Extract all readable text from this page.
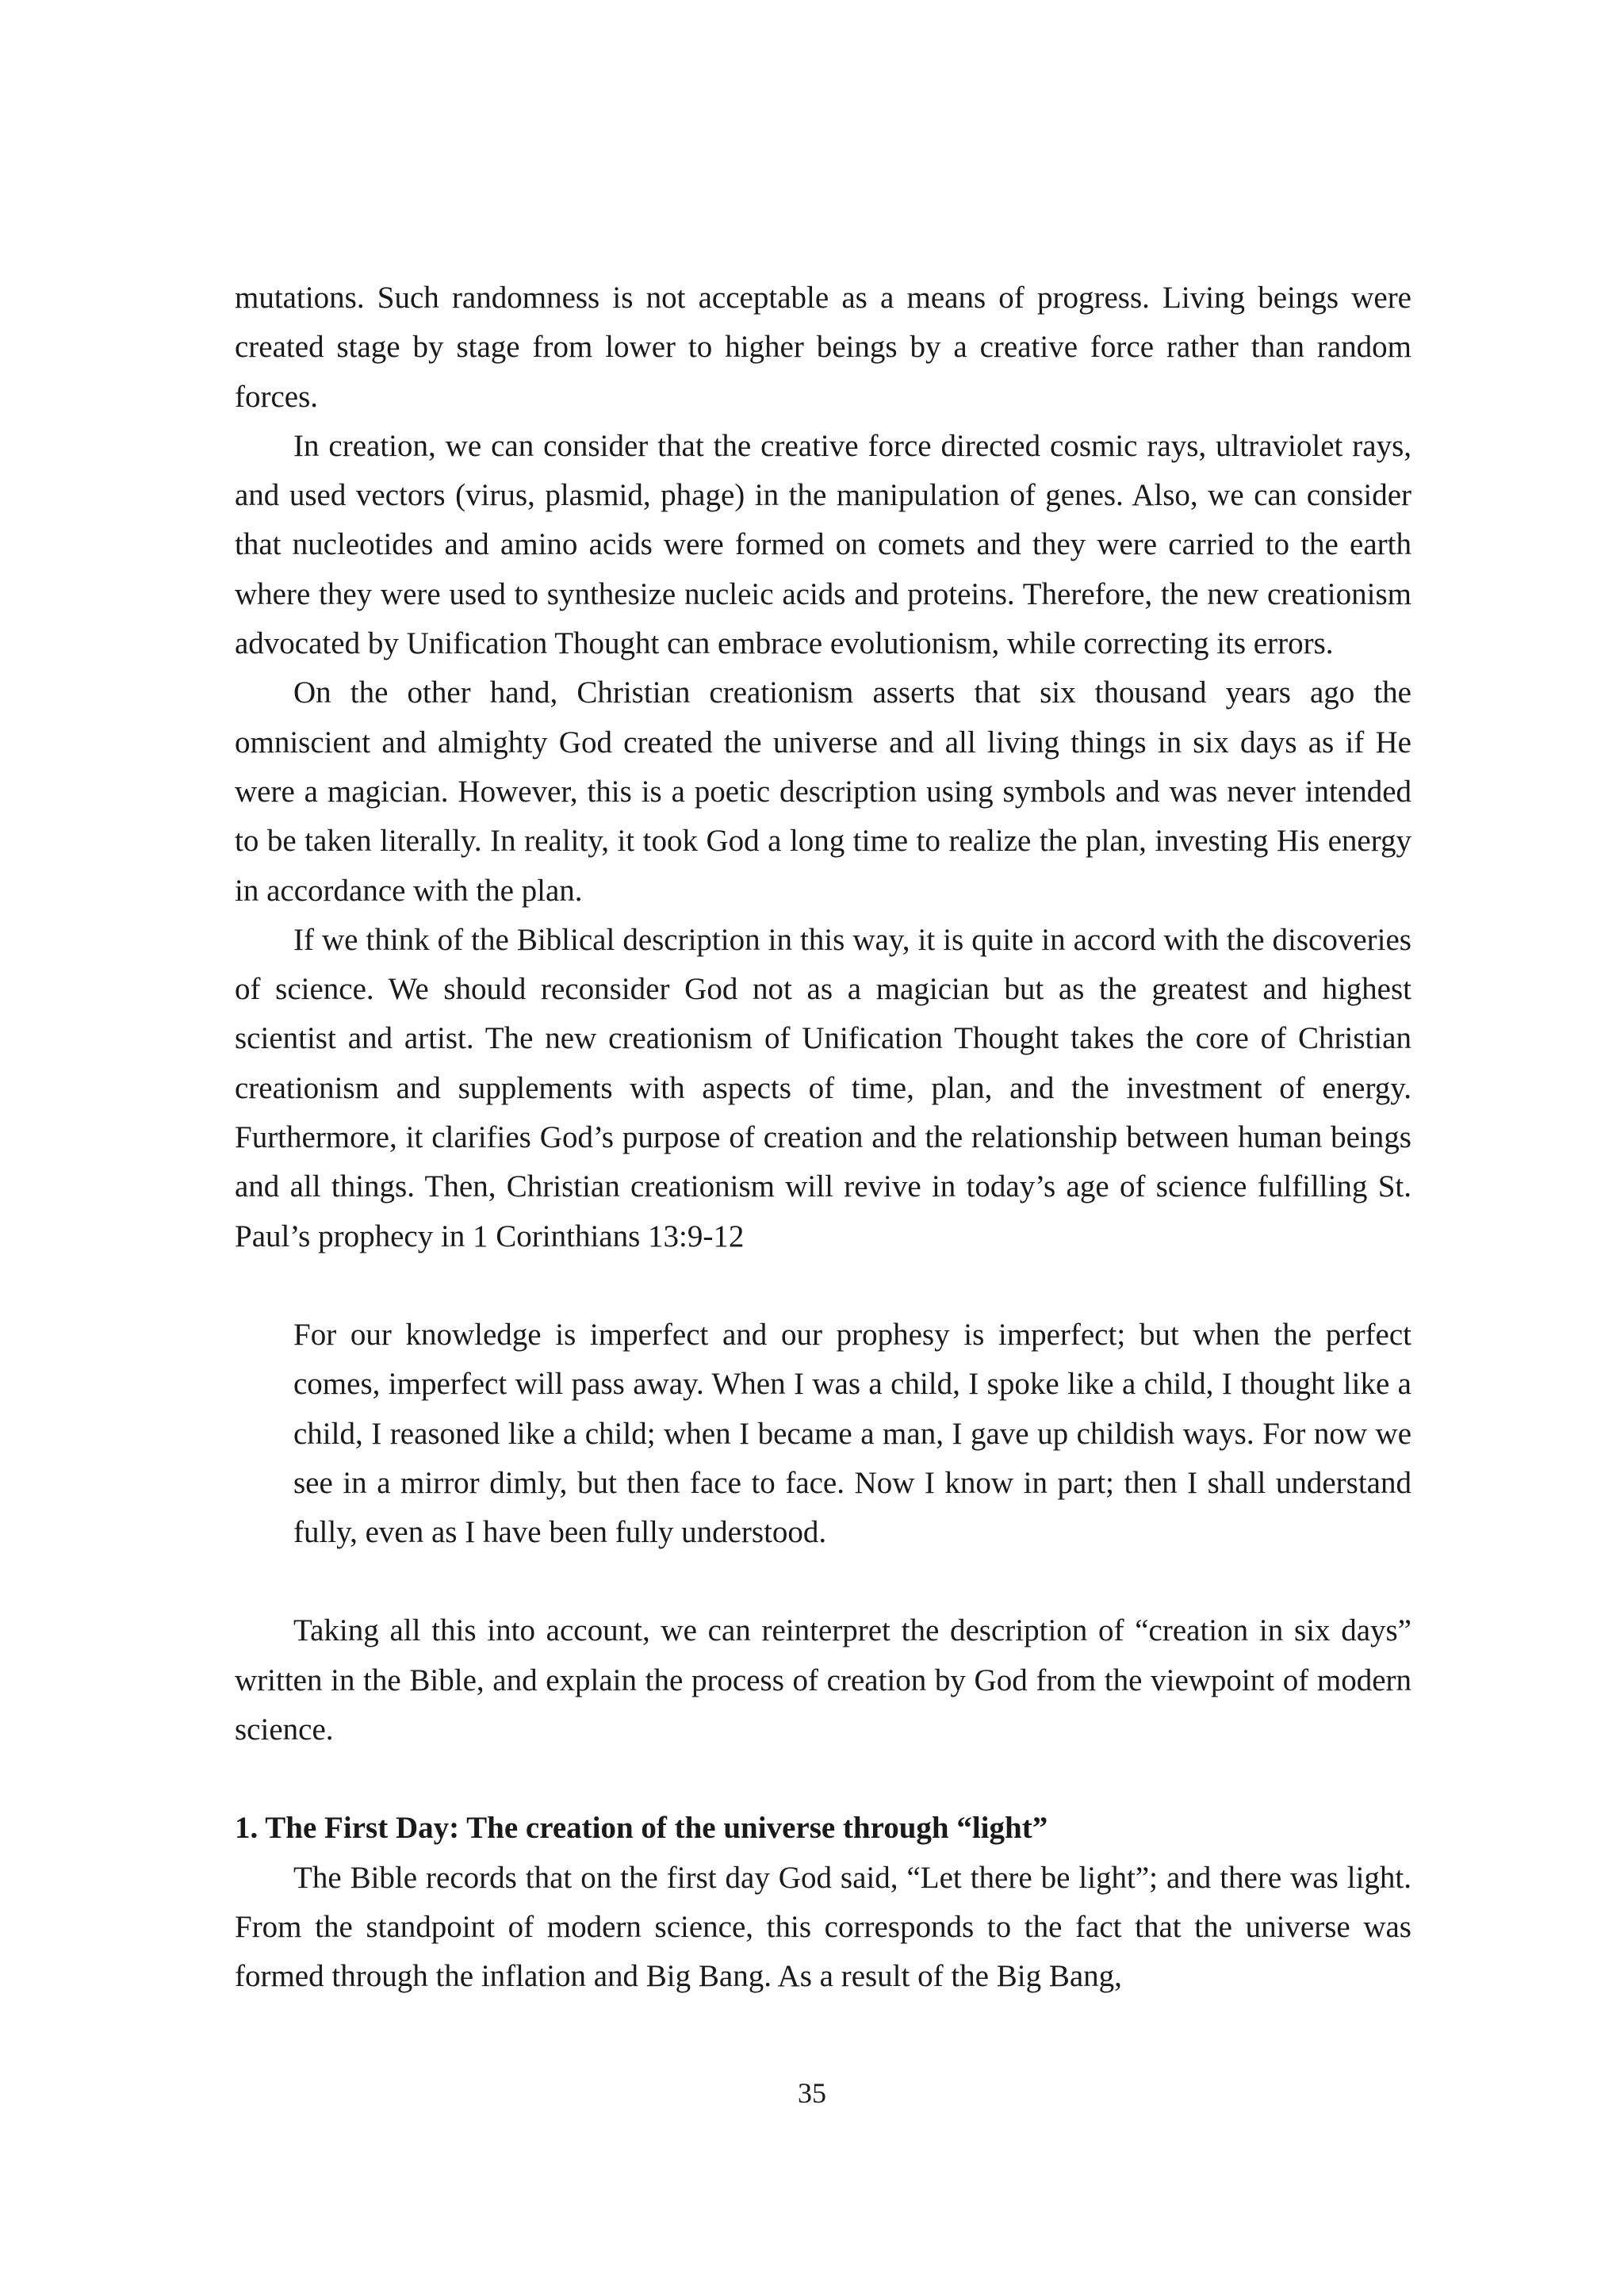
mutations. Such randomness is not acceptable as a means of progress. Living beings were created stage by stage from lower to higher beings by a creative force rather than random forces.

In creation, we can consider that the creative force directed cosmic rays, ultraviolet rays, and used vectors (virus, plasmid, phage) in the manipulation of genes. Also, we can consider that nucleotides and amino acids were formed on comets and they were carried to the earth where they were used to synthesize nucleic acids and proteins. Therefore, the new creationism advocated by Unification Thought can embrace evolutionism, while correcting its errors.

On the other hand, Christian creationism asserts that six thousand years ago the omniscient and almighty God created the universe and all living things in six days as if He were a magician. However, this is a poetic description using symbols and was never intended to be taken literally. In reality, it took God a long time to realize the plan, investing His energy in accordance with the plan.

If we think of the Biblical description in this way, it is quite in accord with the discoveries of science. We should reconsider God not as a magician but as the greatest and highest scientist and artist. The new creationism of Unification Thought takes the core of Christian creationism and supplements with aspects of time, plan, and the investment of energy. Furthermore, it clarifies God’s purpose of creation and the relationship between human beings and all things. Then, Christian creationism will revive in today’s age of science fulfilling St. Paul’s prophecy in 1 Corinthians 13:9-12

For our knowledge is imperfect and our prophesy is imperfect; but when the perfect comes, imperfect will pass away. When I was a child, I spoke like a child, I thought like a child, I reasoned like a child; when I became a man, I gave up childish ways. For now we see in a mirror dimly, but then face to face. Now I know in part; then I shall understand fully, even as I have been fully understood.

Taking all this into account, we can reinterpret the description of “creation in six days” written in the Bible, and explain the process of creation by God from the viewpoint of modern science.

1. The First Day: The creation of the universe through “light”

The Bible records that on the first day God said, “Let there be light”; and there was light. From the standpoint of modern science, this corresponds to the fact that the universe was formed through the inflation and Big Bang. As a result of the Big Bang,

35
